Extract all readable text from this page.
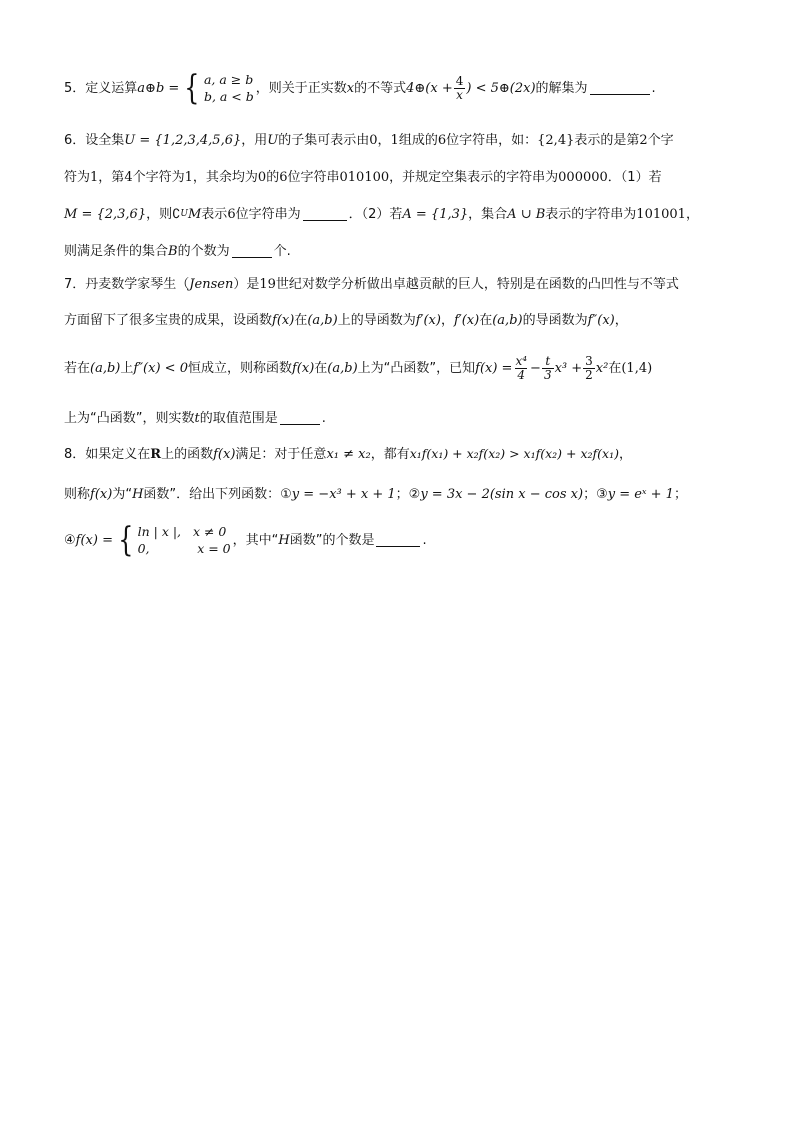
5． 定义运算 a⊕b = { a, a ≥ b
b, a < b
，则关于正实数 x 的不等式 4⊕(x + $\frac{4}{x}$ ) < 5⊕(2x) 的解集为	.
6． 设全集 U = {1,2,3,4,5,6} ，用 U 的子集可表示由 0 ， 1 组成的 6 位字符串，如： {2,4} 表示的是第 2 个字
符为 1 ，第 4 个字符为 1 ，其余均为 0 的 6 位字符串 010100 ，并规定空集表示的字符串为 000000 ．（1）若
M = {2,3,6} ，则 ∁ U M 表示 6 位字符串为	．（2）若 A = {1,3} ，集合 A ∪ B 表示的字符串为 101001 ，
则满足条件的集合 B 的个数为	个.
7． 丹麦数学家琴生（ Jensen ）是 19 世纪对数学分析做出卓越贡献的巨人，特别是在函数的凸凹性与不等式
方面留下了很多宝贵的成果，设函数 f(x) 在 (a,b) 上的导函数为 f′(x) ， f′(x) 在 (a,b) 的导函数为 f″(x) ，
若在 (a,b) 上 f″(x) < 0 恒成立，则称函数 f(x) 在 (a,b) 上为“凸函数”，已知 $f(x) = \frac{\text{x⁴}}{4} - \frac{t}{3} x^3 + \frac{3}{2} x^2$ 在 (1,4)
上为“凸函数”，则实数 t 的取值范围是	.
8． 如果定义在 R 上的函数 f(x) 满足：对于任意 x₁ ≠ x₂ ，都有 x₁f(x₁) + x₂f(x₂) > x₁f(x₂) + x₂f(x₁) ，
则称 f(x) 为“ H 函数”．给出下列函数：① y = −x³ + x + 1 ；② y = 3x − 2(sin x − cos x) ；③ y = eˣ + 1 ；
④ f(x) = { ln | x |,   x ≠ 0
0,            x = 0
，其中“ H 函数”的个数是	.
